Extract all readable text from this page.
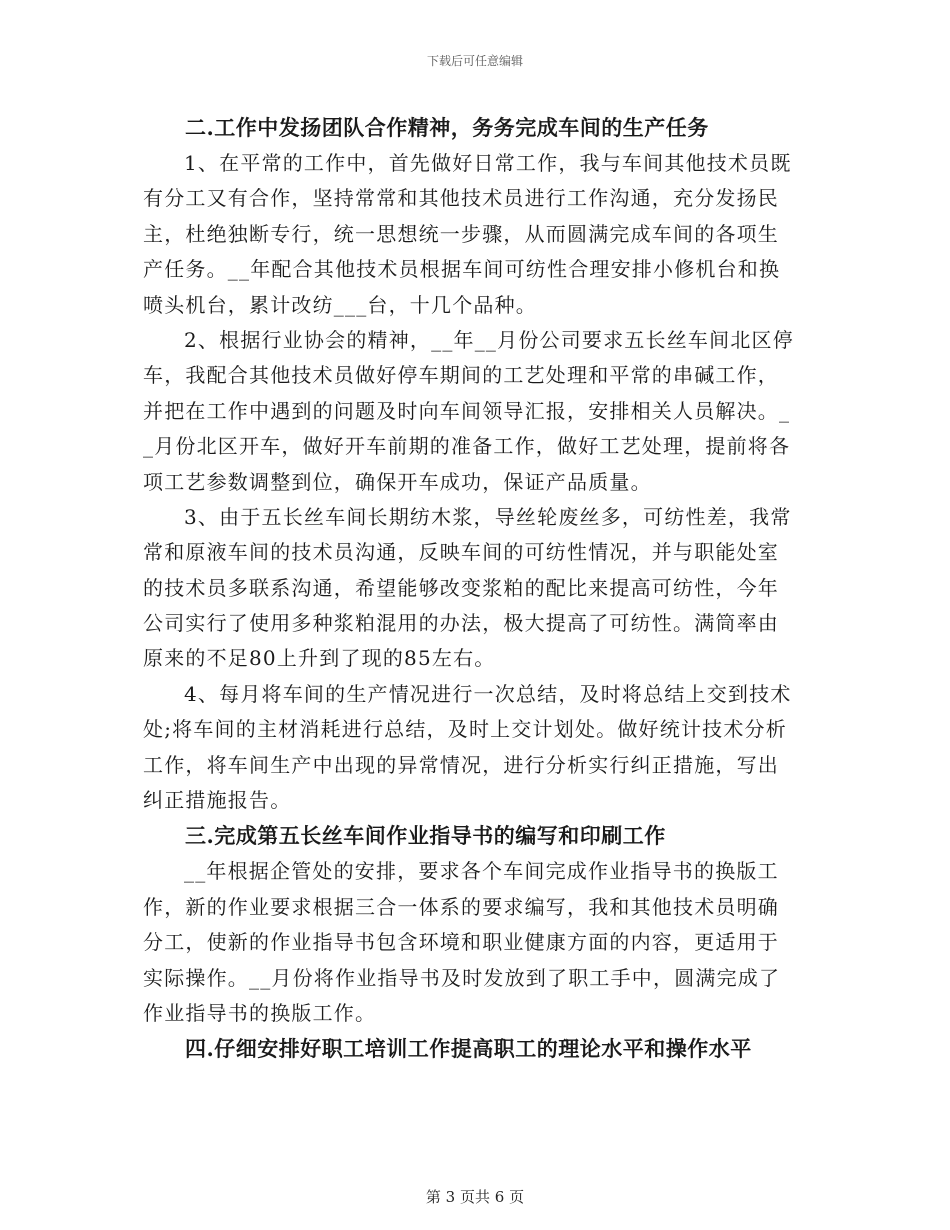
下载后可任意编辑
二.工作中发扬团队合作精神，务务完成车间的生产任务

1、在平常的工作中，首先做好日常工作，我与车间其他技术员既
有分工又有合作，坚持常常和其他技术员进行工作沟通，充分发扬民
主，杜绝独断专行，统一思想统一步骤，从而圆满完成车间的各项生
产任务。__年配合其他技术员根据车间可纺性合理安排小修机台和换
喷头机台，累计改纺___台，十几个品种。

2、根据行业协会的精神，__年__月份公司要求五长丝车间北区停
车，我配合其他技术员做好停车期间的工艺处理和平常的串碱工作，
并把在工作中遇到的问题及时向车间领导汇报，安排相关人员解决。_
_月份北区开车，做好开车前期的准备工作，做好工艺处理，提前将各
项工艺参数调整到位，确保开车成功，保证产品质量。

3、由于五长丝车间长期纺木浆，导丝轮废丝多，可纺性差，我常
常和原液车间的技术员沟通，反映车间的可纺性情况，并与职能处室
的技术员多联系沟通，希望能够改变浆粕的配比来提高可纺性，今年
公司实行了使用多种浆粕混用的办法，极大提高了可纺性。满筒率由
原来的不足80上升到了现的85左右。

4、每月将车间的生产情况进行一次总结，及时将总结上交到技术
处;将车间的主材消耗进行总结，及时上交计划处。做好统计技术分析
工作，将车间生产中出现的异常情况，进行分析实行纠正措施，写出
纠正措施报告。

三.完成第五长丝车间作业指导书的编写和印刷工作

__年根据企管处的安排，要求各个车间完成作业指导书的换版工
作，新的作业要求根据三合一体系的要求编写，我和其他技术员明确
分工，使新的作业指导书包含环境和职业健康方面的内容，更适用于
实际操作。__月份将作业指导书及时发放到了职工手中，圆满完成了
作业指导书的换版工作。

四.仔细安排好职工培训工作提高职工的理论水平和操作水平
第 3 页共 6 页
